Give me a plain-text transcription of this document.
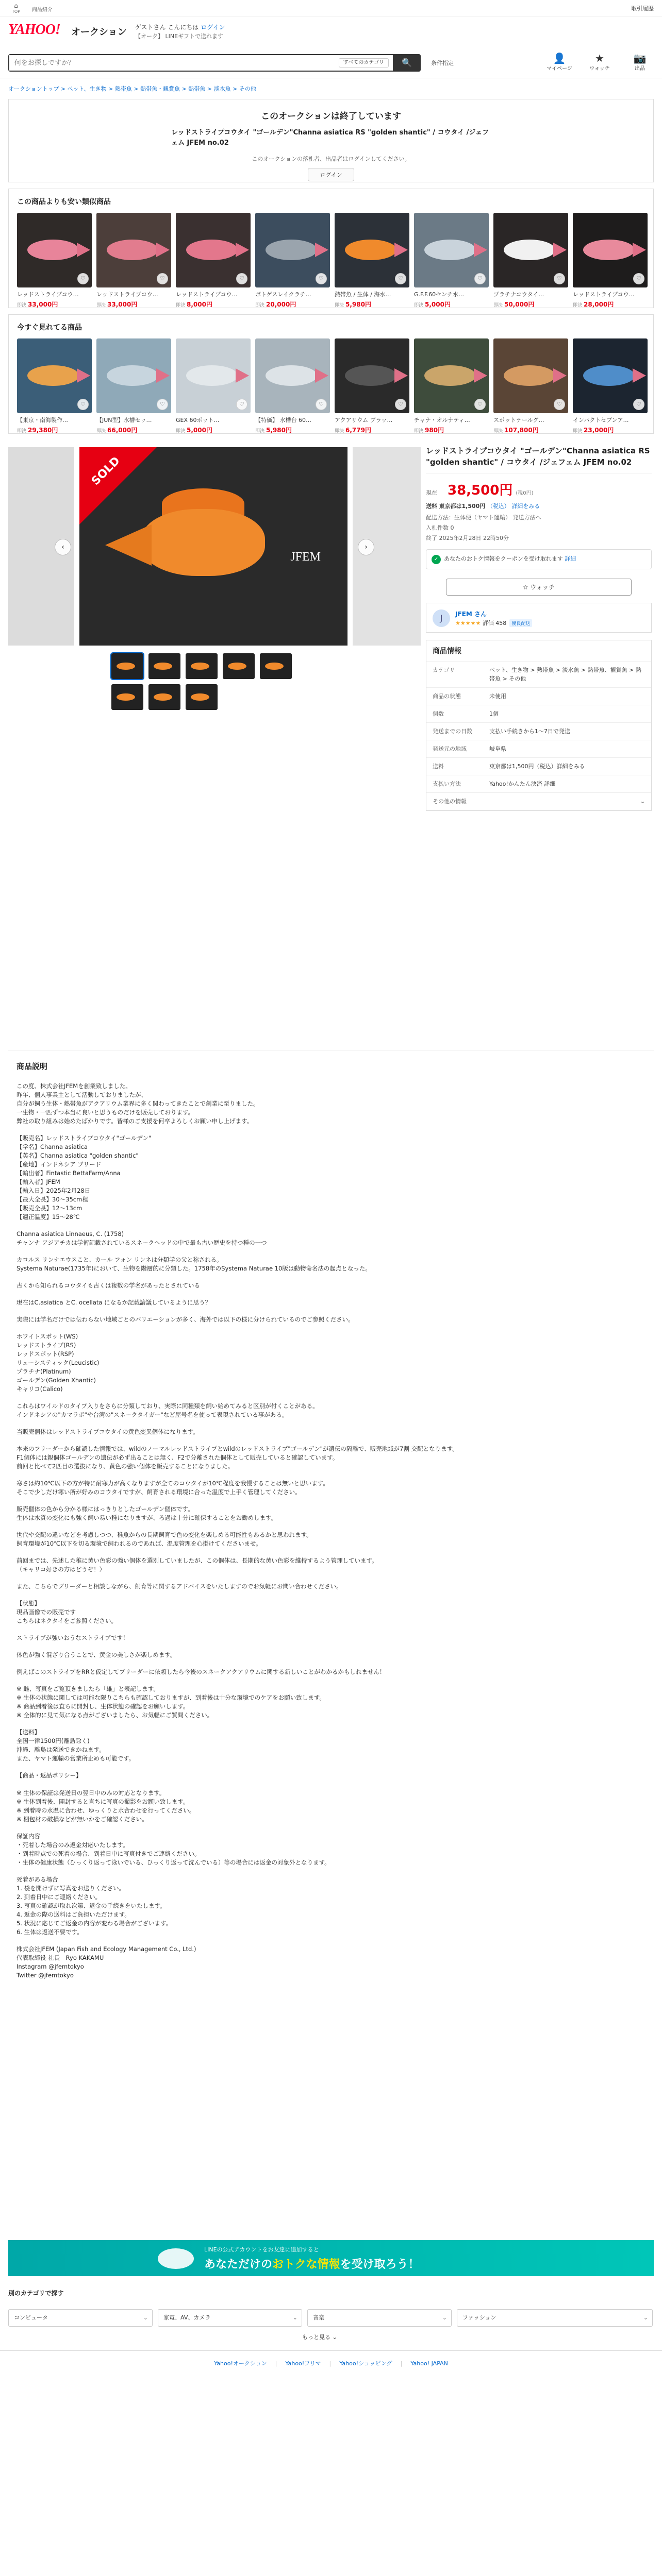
⌂
TOP	商品紹介	取引履歴
YAHOO! オークション ゲストさん こんにちは ログイン
【オーク】 LINEギフトで送れます
何をお探しですか？
すべてのカテゴリ	🔍	条件指定	👤
マイページ
★
ウォッチ
📷
出品
オークショントップ > ペット、生き物 > 熱帯魚 > 熱帯魚・観賞魚 > 熱帯魚 > 淡水魚 > その他
このオークションは終了しています
レッドストライプコウタイ "ゴールデン"Channa asiatica RS "golden shantic" / コウタイ /ジェフェム JFEM no.02
このオークションの落札者、出品者はログインしてください。
ログイン
この商品よりも安い類似商品
♡
レッドストライプコウ…
即決 33,000円
♡
レッドストライプコウ…
即決 33,000円
♡
レッドストライプコウ…
即決 8,000円
♡
ボトゲスレイクラチ…
即決 20,000円
♡
熱帯魚 / 生体 / 海水…
即決 5,980円
♡
G.F.F.60センチ水…
即決 5,000円
♡
プラチナコウタイ…
即決 50,000円
♡
レッドストライプコウ…
即決 28,000円
今すぐ見れてる商品
♡
【東京・南海製作…
即決 29,380円
♡
【JUN型】水槽セッ…
即決 66,000円
♡
GEX 60ポット…
即決 5,000円
♡
【特価】 水槽台 60…
即決 5,980円
♡
アクアリウム ブラッ…
即決 6,779円
♡
チャナ・オルナティ…
即決 980円
♡
スポットテールグ…
即決 107,800円
♡
インパクトセブンア…
即決 23,000円
SOLD
JFEM
‹	›
レッドストライプコウタイ "ゴールデン"Channa asiatica RS "golden shantic" / コウタイ /ジェフェム JFEM no.02
現在 38,500円 (税0円)
送料 東京都は1,500円 （税込） 詳細をみる
配送方法：生体便（ヤマト運輸） 発送方法へ
入札件数 0
終了 2025年2月28日 22時50分
✓ あなたのおトク情報をクーポンを受け取れます 詳細
☆ ウォッチ
J	JFEM さん
★★★★★ 評価 458 優良配送
商品情報
カテゴリ	ペット、生き物 > 熱帯魚 > 淡水魚 > 熱帯魚、観賞魚 > 熱帯魚 > その他
商品の状態	未使用
個数	1個
発送までの日数	支払い手続きから1〜7日で発送
発送元の地域	岐阜県
送料	東京都は1,500円（税込）詳細をみる
支払い方法	Yahoo!かんたん決済 詳細
その他の情報	⌄
商品説明
この度、株式会社JFEMを創業致しました。
昨年、個人事業主として活動しておりましたが、
自分が飼う生体・熱帯魚がアクアリウム業界に多く関わってきたことで創業に至りました。
一生物・一匹ずつ本当に良いと思うものだけを販売しております。
弊社の取り組みは始めたばかりです。皆様のご支援を何卒よろしくお願い申し上げます。
【販売名】レッドストライプコウタイ"ゴールデン"
【学名】Channa asiatica
【英名】Channa asiatica "golden shantic"
【産地】インドネシア ブリード
【輸出者】Fintastic BettaFarm/Anna
【輸入者】JFEM
【輸入日】2025年2月28日
【最大全長】30〜35cm程
【販売全長】12〜13cm
【適正温度】15〜28℃
Channa asiatica Linnaeus, C. (1758)
チャンナ アジアチカは学術記載されているスネークヘッドの中で最も古い歴史を持つ種の一つ
カロルス リンナエウスこと、カール フォン リンネは分類学の父と称される。
Systema Naturae(1735年)において、生物を階層的に分類した。1758年のSystema Naturae 10版は動物命名法の起点となった。
古くから知られるコウタイも古くは複数の学名があったとされている
現在はC.asiatica とC. ocellata になるか記載論議しているように思う？
実際には学名だけでは伝わらない地域ごとのバリエーションが多く、海外では以下の様に分けられているのでご参照ください。
ホワイトスポット(WS)
レッドストライプ(RS)
レッドスポット(RSP)
リューシスティック(Leucistic)
プラチナ(Platinum)
ゴールデン(Golden Xhantic)
キャリコ(Calico)
これらはワイルドのタイプ入りをさらに分類しており、実際に同種類を飼い始めてみると区別が付くことがある。
インドネシアの"カマラボ"や台湾の"スネークタイガー"など屋号名を使って表現されている事がある。
当販売個体はレッドストライプコウタイの黄色変異個体になります。
本来のフリーダーから確認した情報では、wildのノーマルレッドストライプとwildのレッドストライプ"ゴールデン"が遺伝の隔離で、販売地域が7割 交配となります。
F1個体には親個体ゴールデンの遺伝が必ず出ることは無く、F2で分離された個体として販売していると確認しています。
前回と比べて2匹目の選抜になり、黄色の強い個体を販売することになりました。
寒さは約10℃以下の方が特に耐寒力が高くなりますが全てのコウタイが10℃程度を我慢することは無いと思います。
そこで少しだけ寒い所が好みのコウタイですが、飼育される環境に合った温度で上手く管理してください。
販売個体の色から分かる様にはっきりとしたゴールデン個体です。
生体は水質の変化にも強く飼い易い種になりますが、ろ過は十分に確保することをお勧めします。
世代や交配の違いなどを考慮しつつ、稚魚からの長期飼育で色の変化を楽しめる可能性もあるかと思われます。
飼育環境が10℃以下を切る環境で飼われるのであれば、温度管理を心掛けてくださいませ。
前回までは、先述した稚に黄い色彩の強い個体を選別していましたが、この個体は、長期的な黄い色彩を維持するよう管理しています。
（キャリコ好きの方はどうぞ！）
また、こちらでブリーダーと相談しながら、飼育等に関するアドバイスをいたしますのでお気軽にお問い合わせください。
【状態】
現品画像での販売です
こちらはネクタイをご参照ください。
ストライプが強いおうなストライプです！
体色が強く混ざり合うことで、黄金の美しさが楽しめます。
例えばこのストライプをRRと仮定してブリーダーに依頼したら今後のスネークアクアリウムに関する新しいことがわかるかもしれません！
※ 雌、写真をご覧頂きましたら「雄」と表記します。
※ 生体の状態に関しては可能な限りこちらも確認しておりますが、到着後は十分な環境でのケアをお願い致します。
※ 商品到着後は直ちに開封し、生体状態の確認をお願いします。
※ 全体的に見て気になる点がございましたら、お気軽にご質問ください。
【送料】
全国一律1500円(離島除く)
沖縄、離島は発送できかねます。
また、ヤマト運輸の営業所止めも可能です。
【商品・返品ポリシー】

※ 生体の保証は発送日の翌日中のみの対応となります。
※ 生体到着後、開封すると直ちに写真の撮影をお願い致します。
※ 到着時の水温に合わせ、ゆっくりと水合わせを行ってください。
※ 梱包材の破損などが無いかをご確認ください。
保証内容
・死着した場合のみ返金対応いたします。
・到着時点での死着の場合、到着日中に写真付きでご連絡ください。
・生体の健康状態（ひっくり返って泳いでいる、ひっくり返って沈んでいる）等の場合には返金の対象外となります。
死着がある場合
1. 袋を開けずに写真をお送りください。
2. 到着日中にご連絡ください。
3. 写真の確認が取れ次第、返金の手続きをいたします。
4. 返金の際の送料はご負担いただけます。
5. 状況に応じてご返金の内容が変わる場合がございます。
6. 生体は返送不要です。
株式会社JFEM (Japan Fish and Ecology Management Co., Ltd.)
代表取締役 社長　Ryo KAKAMU
Instagram @jfemtokyo
Twitter @jfemtokyo
LINEの公式アカウントをお友達に追加すると
あなただけのおトクな情報を受け取ろう！
別のカテゴリで探す
コンピュータ	⌄	家電、AV、カメラ	⌄	音楽	⌄	ファッション	⌄
もっと見る ⌄
Yahoo!オークション | Yahoo!フリマ | Yahoo!ショッピング | Yahoo! JAPAN
